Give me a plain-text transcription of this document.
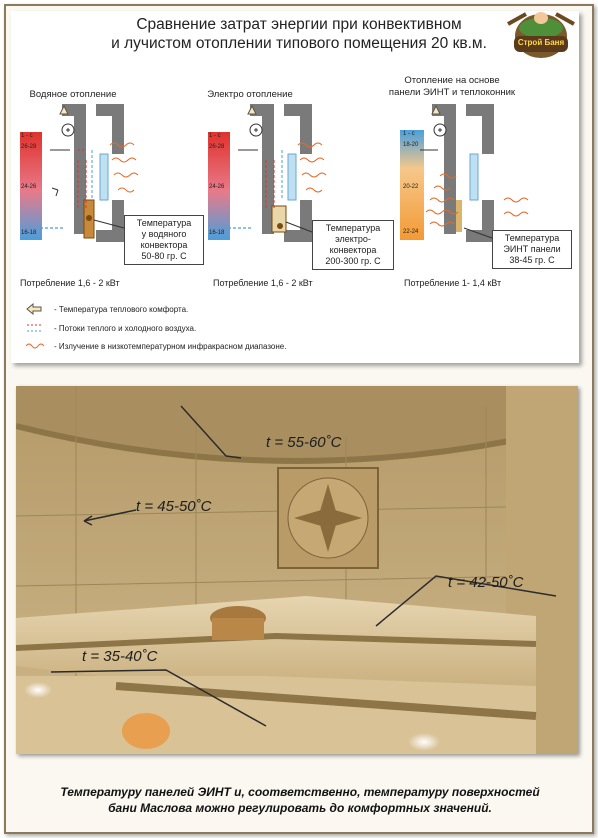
Сравнение затрат энергии при конвективном
и лучистом отоплении типового помещения 20 кв.м.	Строй Баня
Водяное отопление	Электро отопление
Отопление на основе
панели ЭИНТ и теплоконник
1 - с
26-28
24-26
16-18
1 - с
26-28
24-26
16-18
1 - с
18-20
20-22
22-24
Температура
у водяного
конвектора
50-80 гр. С
Температура
электро-
конвектора
200-300 гр. С
Температура
ЭИНТ панели
38-45 гр. С
Потребление 1,6 - 2 кВт	Потребление 1,6 - 2 кВт	Потребление 1- 1,4 кВт
- Температура теплового комфорта.
- Потоки теплого и холодного воздуха.
- Излучение в низкотемпературном инфракрасном диапазоне.
t = 55-60˚C
t = 45-50˚C
t = 42-50˚C
t = 35-40˚C
Температуру панелей ЭИНТ и, соответственно, температуру поверхностей
бани Маслова можно регулировать до комфортных значений.
